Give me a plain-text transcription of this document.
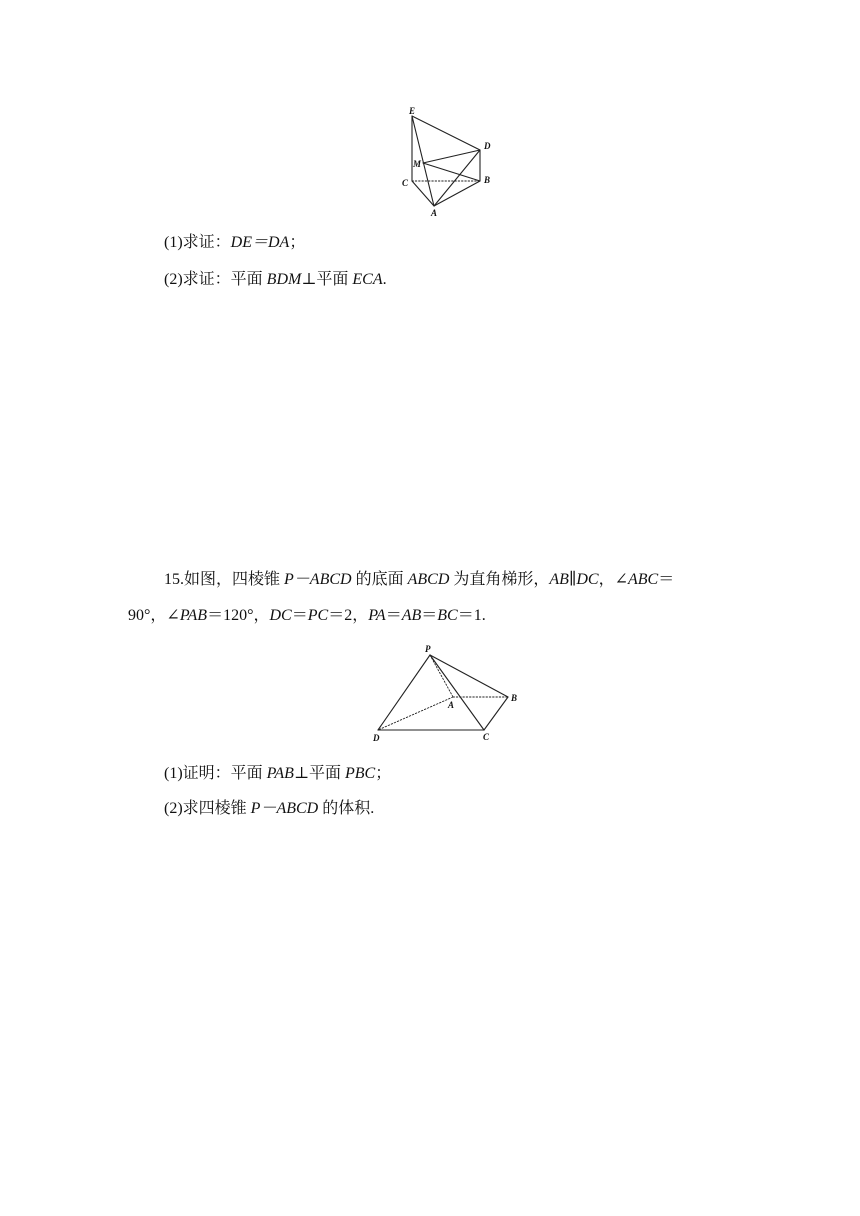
E
D
M
C	B
A
(1)求证：DE＝DA；
(2)求证：平面 BDM⊥平面 ECA.
15.如图，四棱锥 P－ABCD 的底面 ABCD 为直角梯形，AB∥DC，∠ABC＝
90°，∠PAB＝120°，DC＝PC＝2，PA＝AB＝BC＝1.
P
A
B
D	C
(1)证明：平面 PAB⊥平面 PBC；
(2)求四棱锥 P－ABCD 的体积.
